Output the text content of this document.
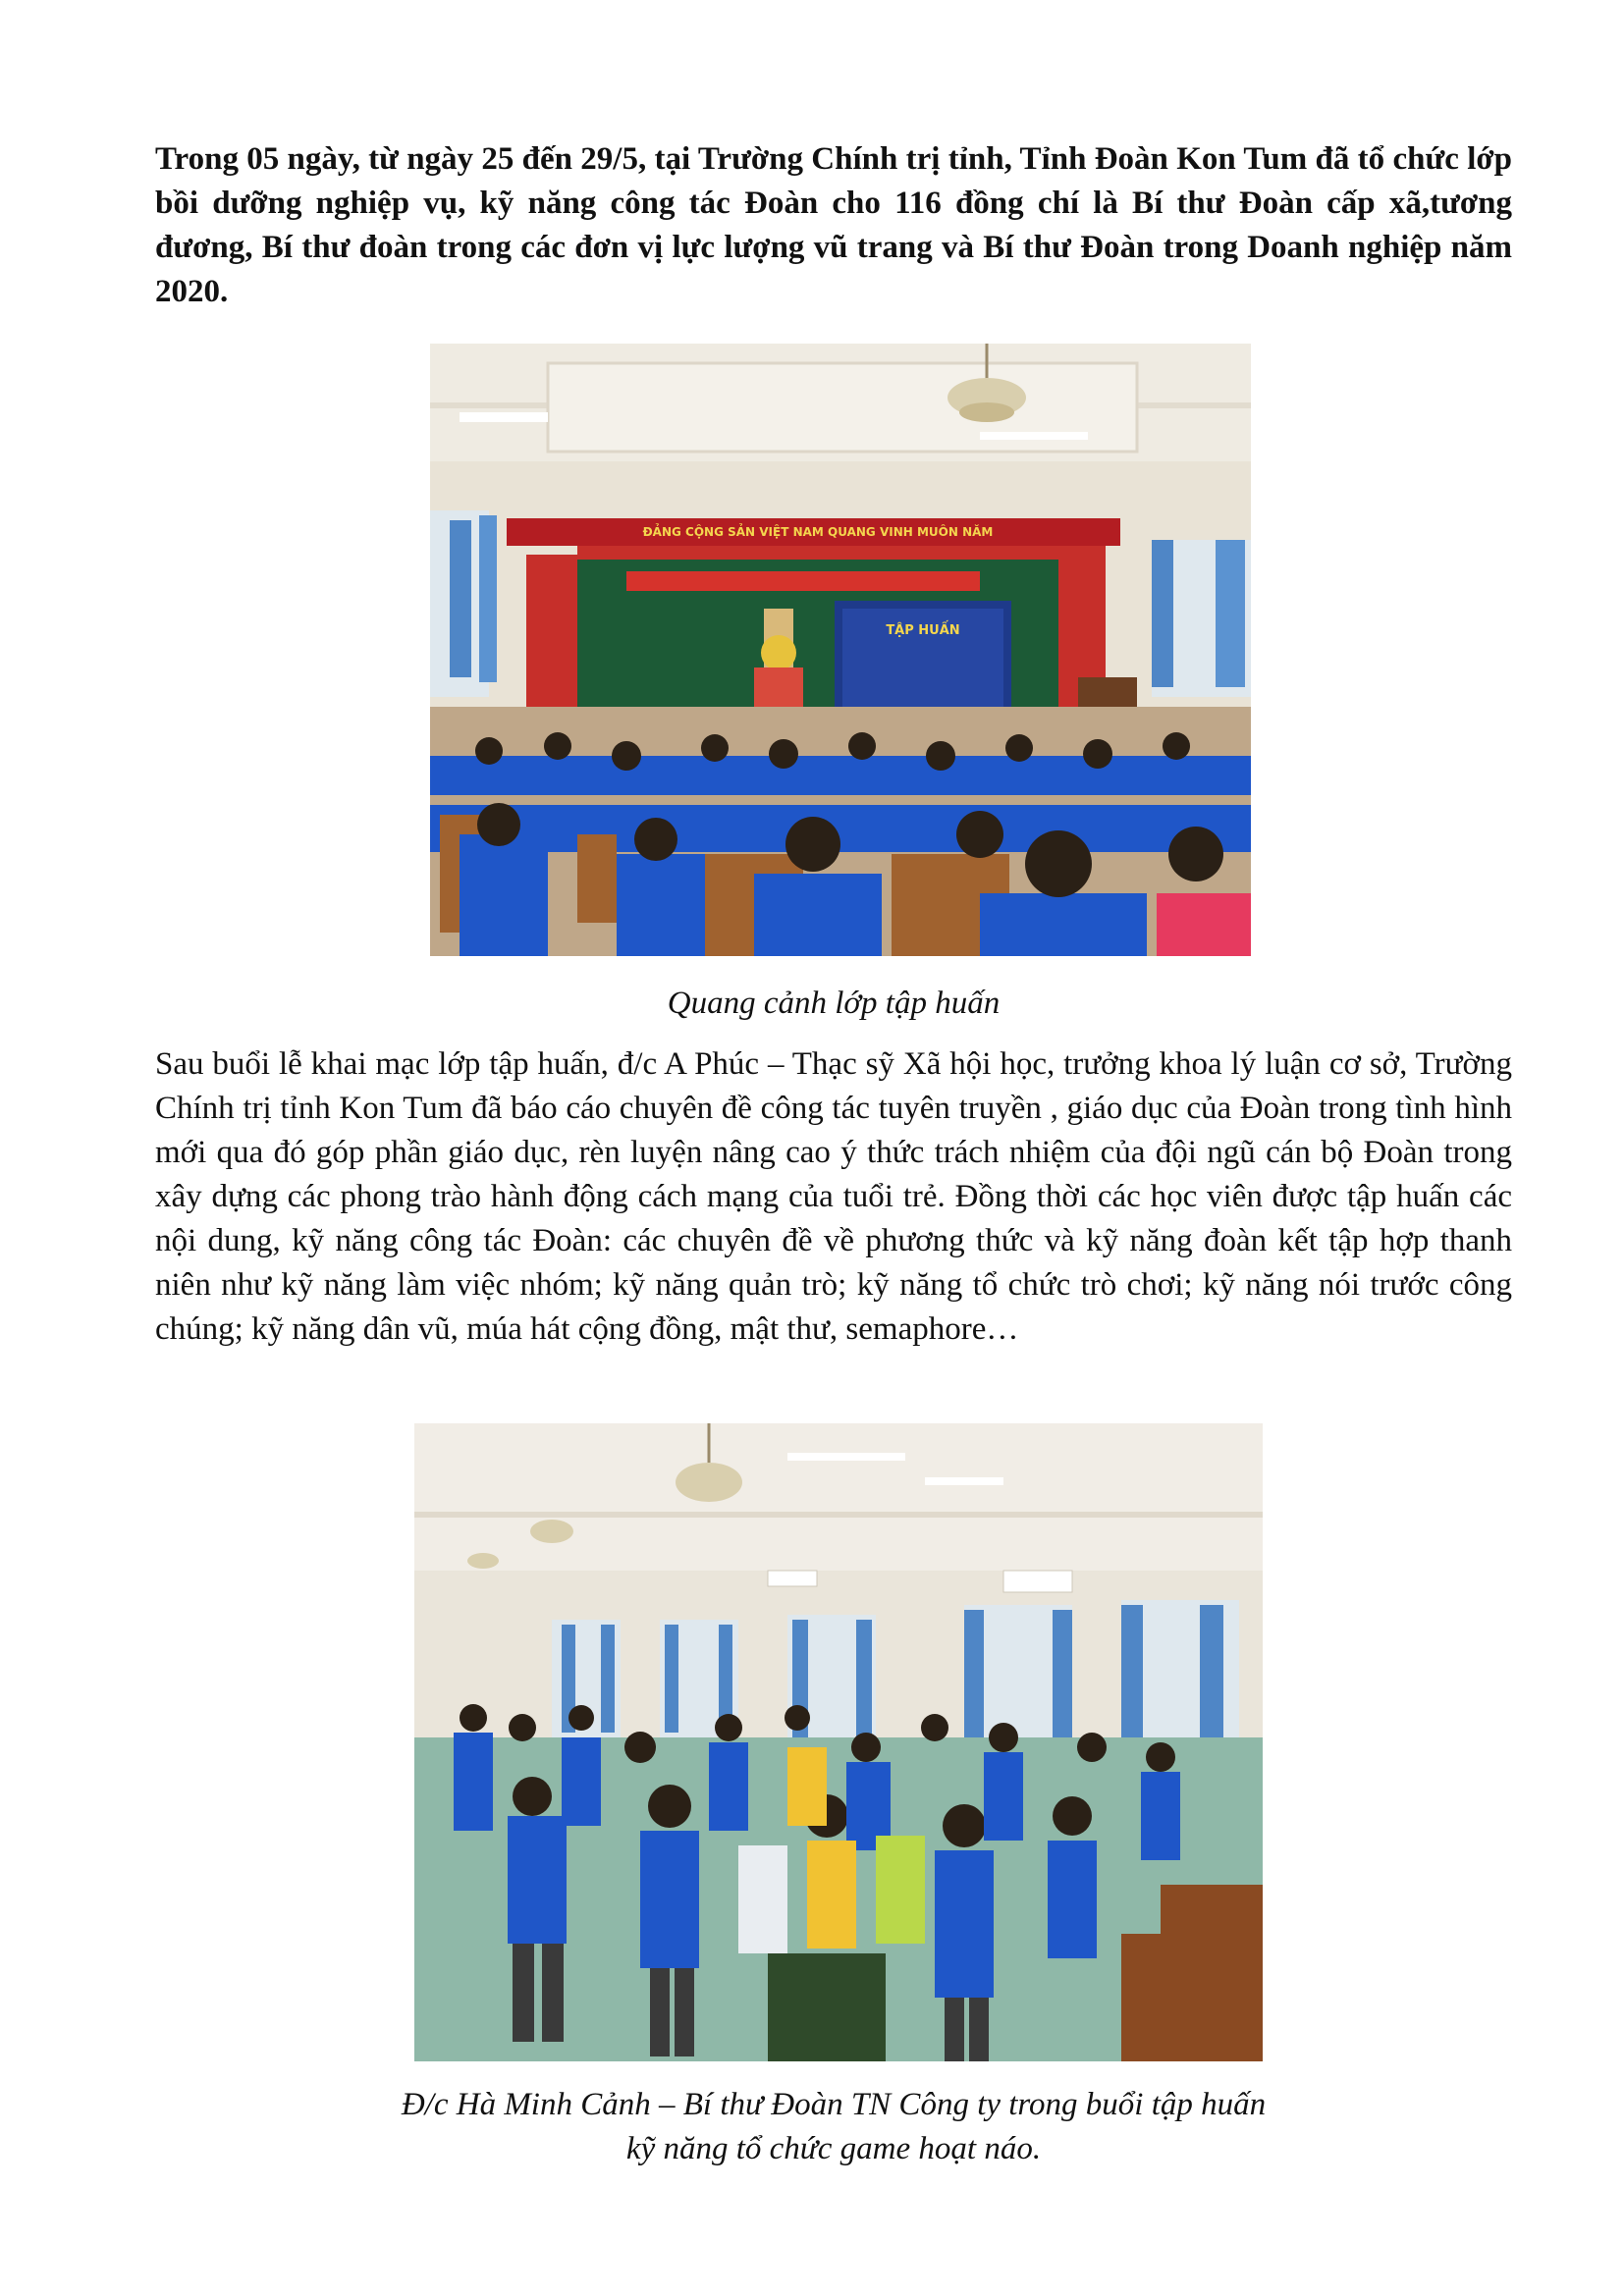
Trong 05 ngày, từ ngày 25 đến 29/5, tại Trường Chính trị tỉnh, Tỉnh Đoàn Kon Tum đã tổ chức lớp bồi dưỡng nghiệp vụ, kỹ năng công tác Đoàn cho 116 đồng chí là Bí thư Đoàn cấp xã,tương đương, Bí thư đoàn trong các đơn vị lực lượng vũ trang và Bí thư Đoàn trong Doanh nghiệp năm 2020.

ĐẢNG CỘNG SẢN VIỆT NAM QUANG VINH MUÔN NĂM
TẬP HUẤN

Quang cảnh lớp tập huấn

Sau buổi lễ khai mạc lớp tập huấn, đ/c A Phúc – Thạc sỹ Xã hội học, trưởng khoa lý luận cơ sở, Trường Chính trị tỉnh Kon Tum đã báo cáo chuyên đề công tác tuyên truyền , giáo dục của Đoàn trong tình hình mới qua đó góp phần giáo dục, rèn luyện nâng cao ý thức trách nhiệm của đội ngũ cán bộ Đoàn trong xây dựng các phong trào hành động cách mạng của tuổi trẻ. Đồng thời các học viên được tập huấn các nội dung, kỹ năng công tác Đoàn: các chuyên đề về phương thức và kỹ năng đoàn kết tập hợp thanh niên như kỹ năng làm việc nhóm; kỹ năng quản trò; kỹ năng tổ chức trò chơi; kỹ năng nói trước công chúng; kỹ năng dân vũ, múa hát cộng đồng, mật thư, semaphore…

Đ/c Hà Minh Cảnh – Bí thư Đoàn TN Công ty trong buổi tập huấn
kỹ năng tổ chức game hoạt náo.
